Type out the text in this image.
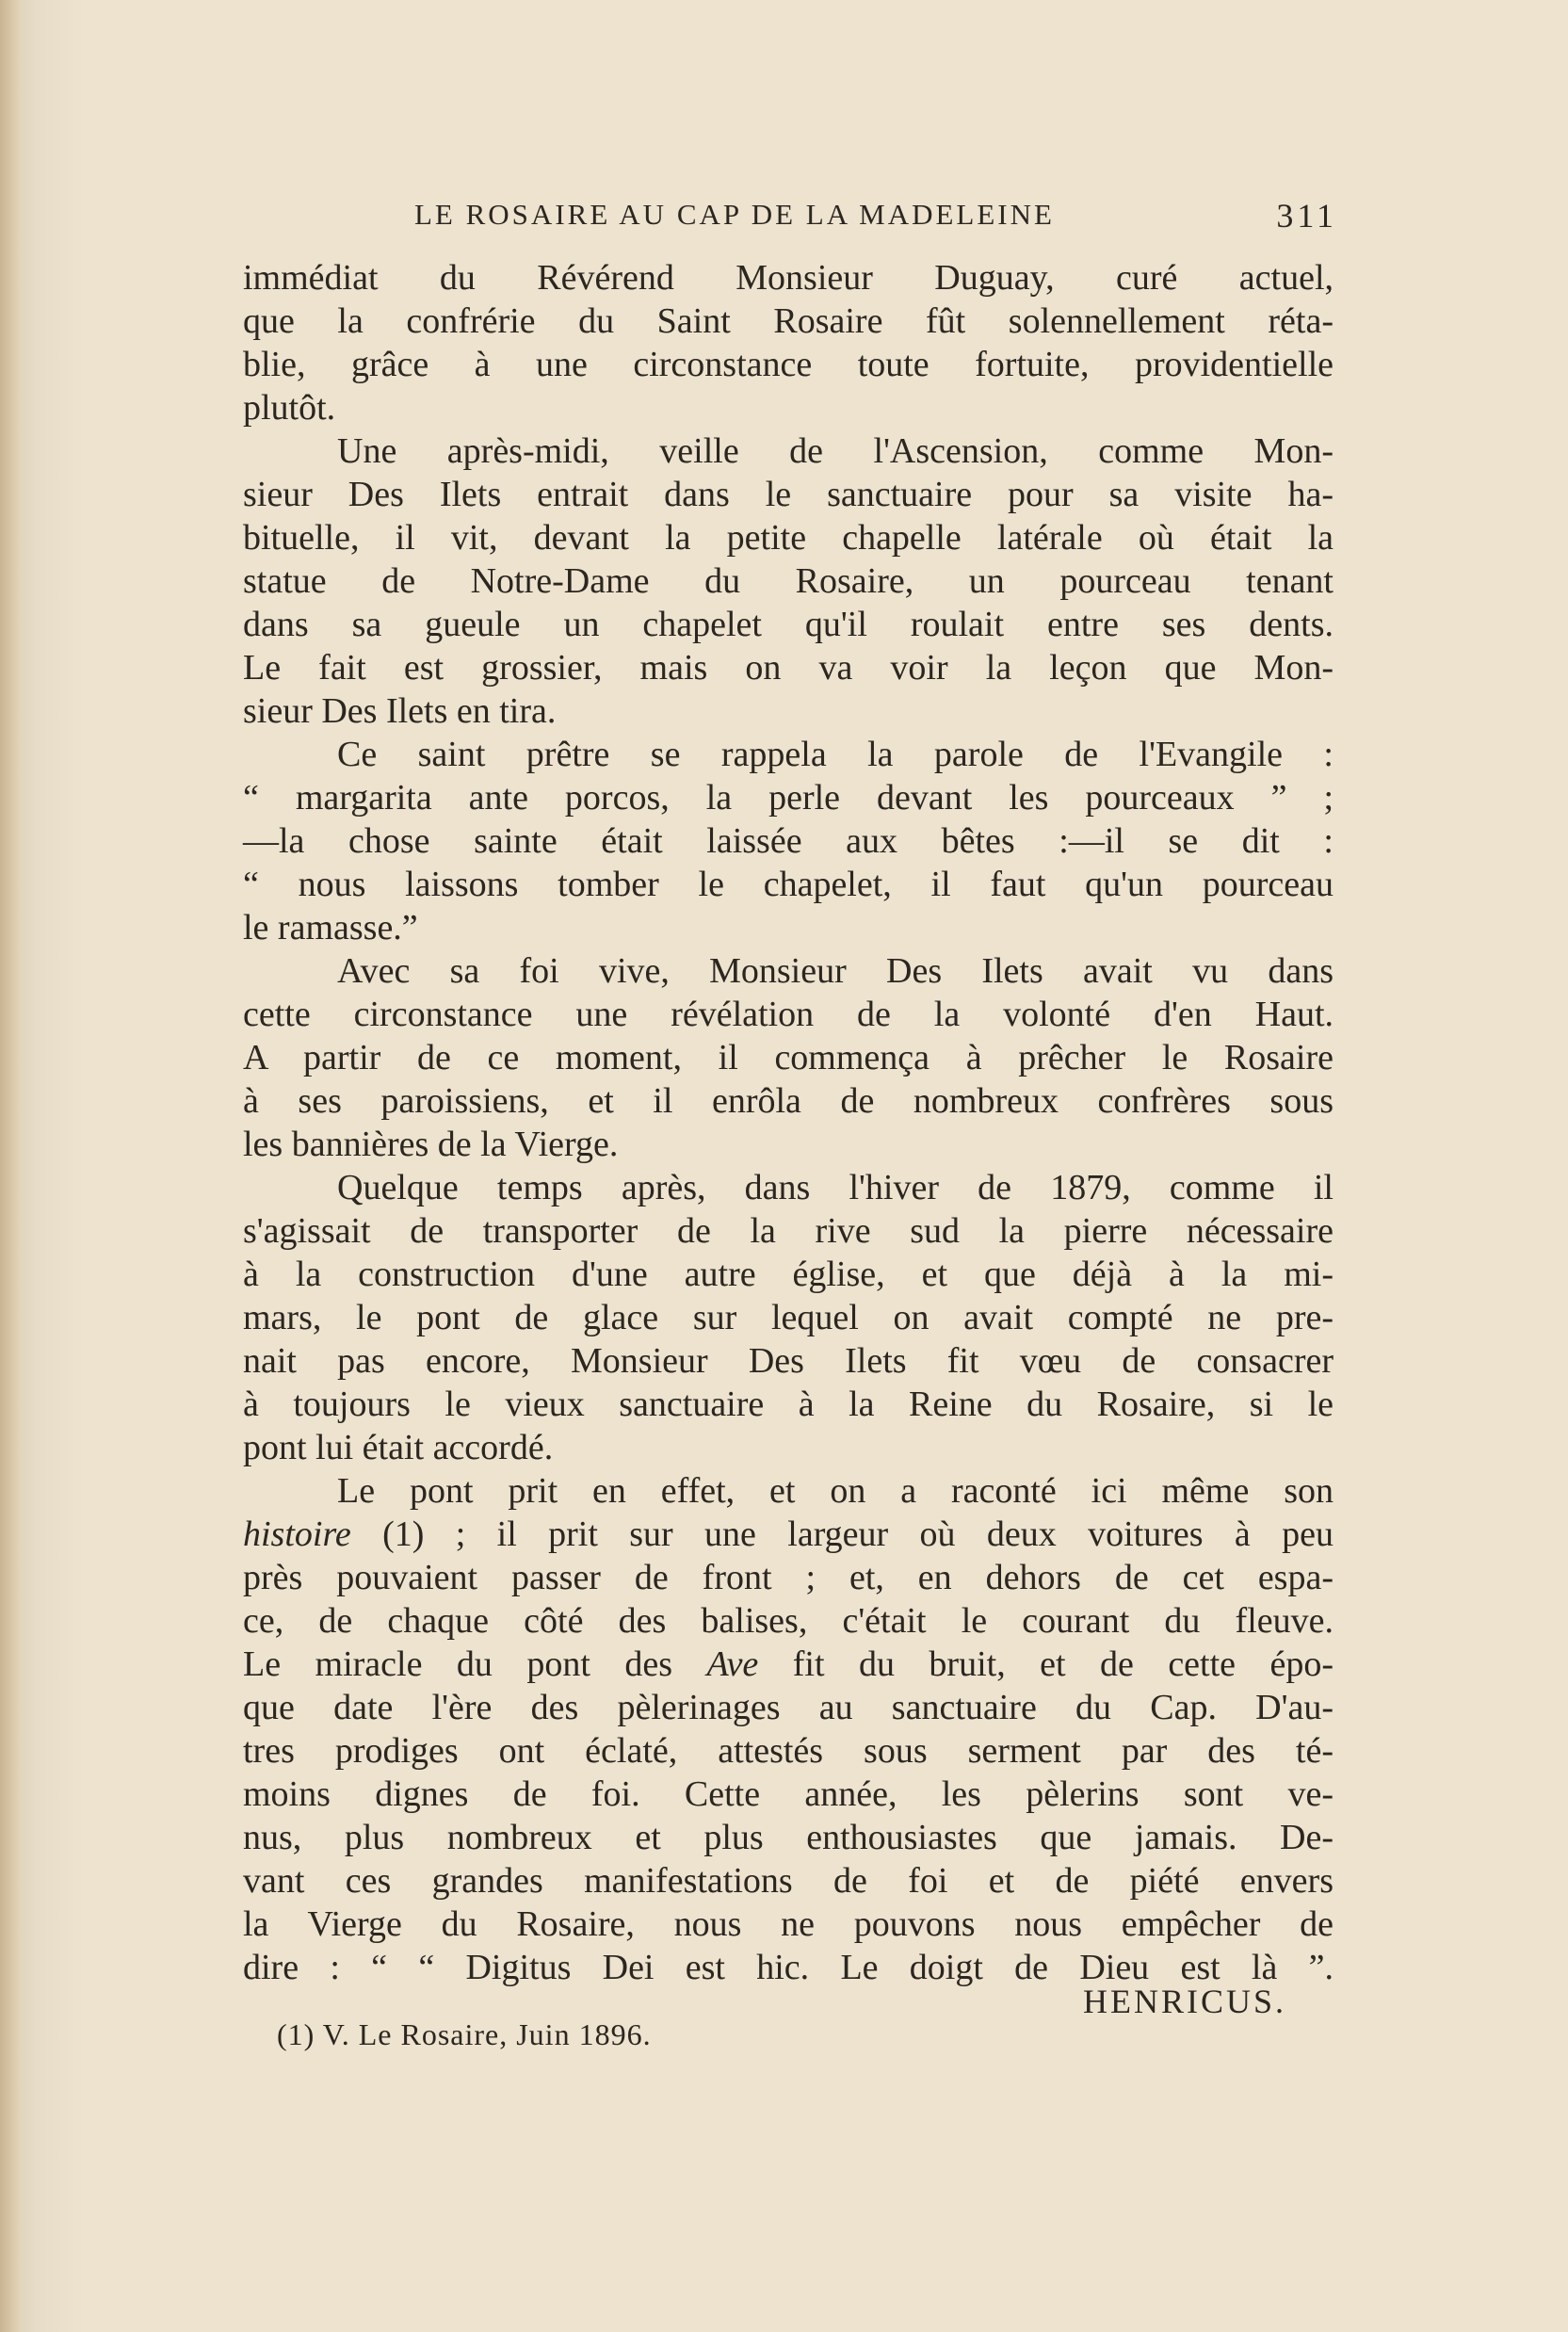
LE ROSAIRE AU CAP DE LA MADELEINE	311
immédiat du Révérend Monsieur Duguay, curé actuel,
que la confrérie du Saint Rosaire fût solennellement réta-
blie, grâce à une circonstance toute fortuite, providentielle
plutôt.
Une après-midi, veille de l'Ascension, comme Mon-
sieur Des Ilets entrait dans le sanctuaire pour sa visite ha-
bituelle, il vit, devant la petite chapelle latérale où était la
statue de Notre-Dame du Rosaire, un pourceau tenant
dans sa gueule un chapelet qu'il roulait entre ses dents.
Le fait est grossier, mais on va voir la leçon que Mon-
sieur Des Ilets en tira.
Ce saint prêtre se rappela la parole de l'Evangile :
“ margarita ante porcos, la perle devant les pourceaux ” ;
—la chose sainte était laissée aux bêtes :—il se dit :
“ nous laissons tomber le chapelet, il faut qu'un pourceau
le ramasse.”
Avec sa foi vive, Monsieur Des Ilets avait vu dans
cette circonstance une révélation de la volonté d'en Haut.
A partir de ce moment, il commença à prêcher le Rosaire
à ses paroissiens, et il enrôla de nombreux confrères sous
les bannières de la Vierge.
Quelque temps après, dans l'hiver de 1879, comme il
s'agissait de transporter de la rive sud la pierre nécessaire
à la construction d'une autre église, et que déjà à la mi-
mars, le pont de glace sur lequel on avait compté ne pre-
nait pas encore, Monsieur Des Ilets fit vœu de consacrer
à toujours le vieux sanctuaire à la Reine du Rosaire, si le
pont lui était accordé.
Le pont prit en effet, et on a raconté ici même son
histoire (1) ; il prit sur une largeur où deux voitures à peu
près pouvaient passer de front ; et, en dehors de cet espa-
ce, de chaque côté des balises, c'était le courant du fleuve.
Le miracle du pont des Ave fit du bruit, et de cette épo-
que date l'ère des pèlerinages au sanctuaire du Cap. D'au-
tres prodiges ont éclaté, attestés sous serment par des té-
moins dignes de foi. Cette année, les pèlerins sont ve-
nus, plus nombreux et plus enthousiastes que jamais. De-
vant ces grandes manifestations de foi et de piété envers
la Vierge du Rosaire, nous ne pouvons nous empêcher de
dire : “ “ Digitus Dei est hic. Le doigt de Dieu est là ”.
HENRICUS.
(1) V. Le Rosaire, Juin 1896.
